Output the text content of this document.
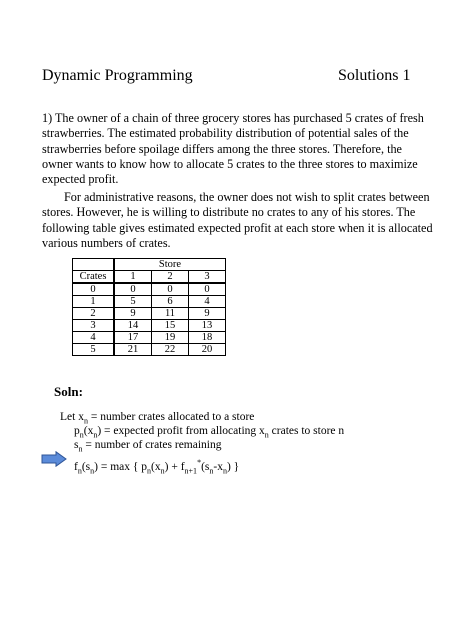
Dynamic Programming	Solutions 1
1) The owner of a chain of three grocery stores has purchased 5 crates of fresh strawberries. The estimated probability distribution of potential sales of the strawberries before spoilage differs among the three stores. Therefore, the owner wants to know how to allocate 5 crates to the three stores to maximize expected profit.
For administrative reasons, the owner does not wish to split crates between stores. However, he is willing to distribute no crates to any of his stores. The following table gives estimated expected profit at each store when it is allocated various numbers of crates.
	Store		
Crates	1	2	3
0	0	0	0
1	5	6	4
2	9	11	9
3	14	15	13
4	17	19	18
5	21	22	20
Soln:
Let $x_n$ = number crates allocated to a store
$p_n(x_n)$ = expected profit from allocating $x_n$ crates to store n
$s_n$ = number of crates remaining
$f_n(s_n) = \max$ { $p_n(x_n) + f_{n+1}^*(s_n-x_n)$ }
